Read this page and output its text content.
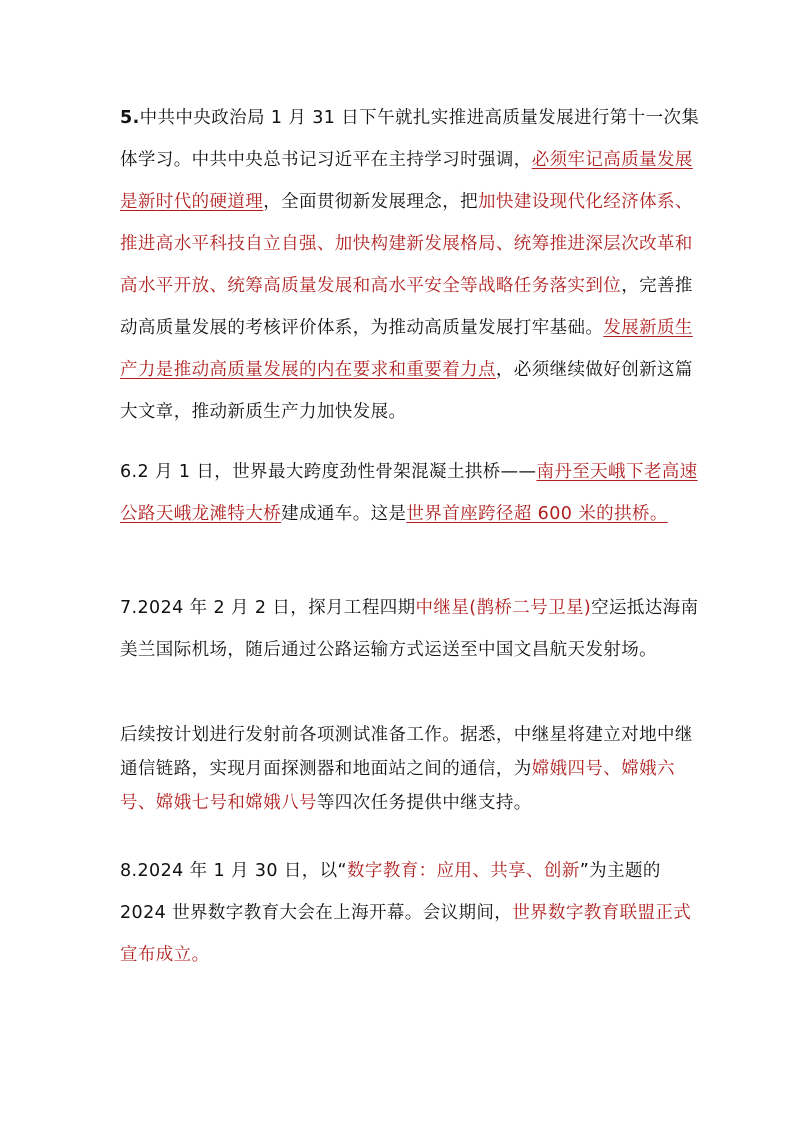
5.中共中央政治局 1 月 31 日下午就扎实推进高质量发展进行第十一次集体学习。中共中央总书记习近平在主持学习时强调，必须牢记高质量发展是新时代的硬道理，全面贯彻新发展理念，把加快建设现代化经济体系、推进高水平科技自立自强、加快构建新发展格局、统筹推进深层次改革和高水平开放、统筹高质量发展和高水平安全等战略任务落实到位，完善推动高质量发展的考核评价体系，为推动高质量发展打牢基础。发展新质生产力是推动高质量发展的内在要求和重要着力点，必须继续做好创新这篇大文章，推动新质生产力加快发展。

6.2 月 1 日，世界最大跨度劲性骨架混凝土拱桥——南丹至天峨下老高速公路天峨龙滩特大桥建成通车。这是世界首座跨径超 600 米的拱桥。

7.2024 年 2 月 2 日，探月工程四期中继星(鹊桥二号卫星)空运抵达海南美兰国际机场，随后通过公路运输方式运送至中国文昌航天发射场。

后续按计划进行发射前各项测试准备工作。据悉，中继星将建立对地中继通信链路，实现月面探测器和地面站之间的通信，为嫦娥四号、嫦娥六号、嫦娥七号和嫦娥八号等四次任务提供中继支持。

8.2024 年 1 月 30 日，以“数字教育：应用、共享、创新”为主题的 2024 世界数字教育大会在上海开幕。会议期间，世界数字教育联盟正式宣布成立。
